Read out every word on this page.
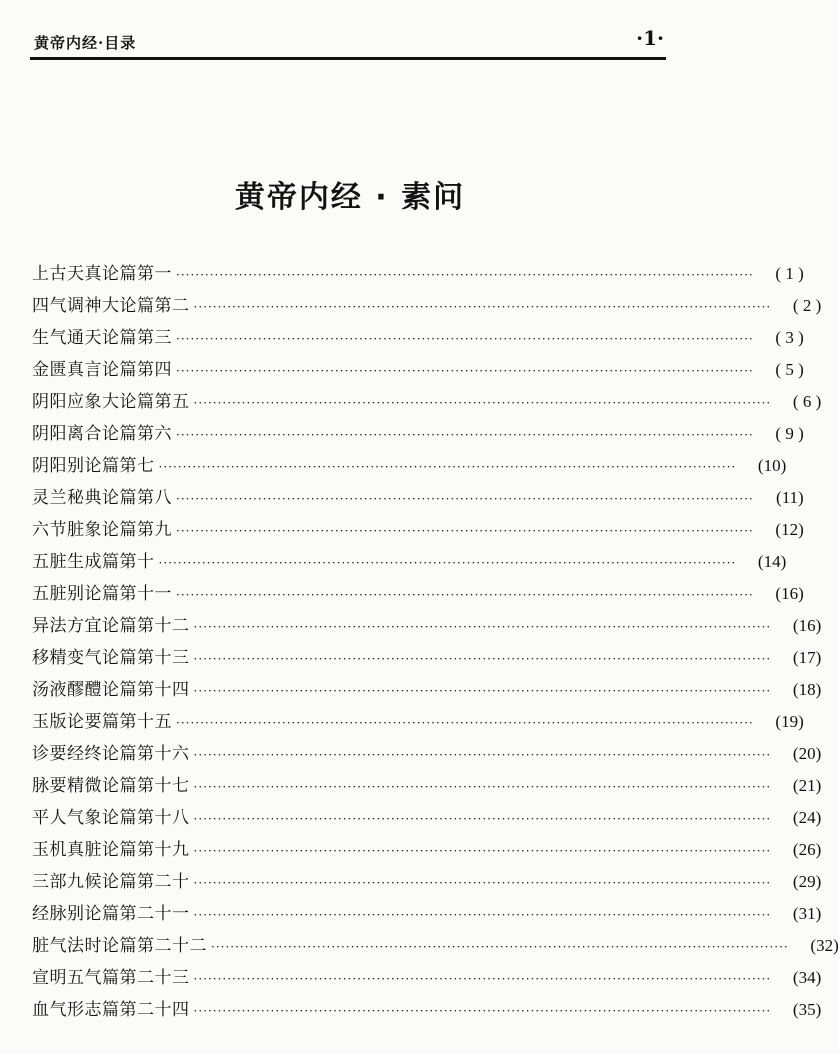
黄帝内经·目录	·1·
黄帝内经 · 素问
上古天真论篇第一 ························································································································	( 1 )
四气调神大论篇第二 ························································································································	( 2 )
生气通天论篇第三 ························································································································	( 3 )
金匮真言论篇第四 ························································································································	( 5 )
阴阳应象大论篇第五 ························································································································	( 6 )
阴阳离合论篇第六 ························································································································	( 9 )
阴阳别论篇第七 ························································································································	(10)
灵兰秘典论篇第八 ························································································································	(11)
六节脏象论篇第九 ························································································································	(12)
五脏生成篇第十 ························································································································	(14)
五脏别论篇第十一 ························································································································	(16)
异法方宜论篇第十二 ························································································································	(16)
移精变气论篇第十三 ························································································································	(17)
汤液醪醴论篇第十四 ························································································································	(18)
玉版论要篇第十五 ························································································································	(19)
诊要经终论篇第十六 ························································································································	(20)
脉要精微论篇第十七 ························································································································	(21)
平人气象论篇第十八 ························································································································	(24)
玉机真脏论篇第十九 ························································································································	(26)
三部九候论篇第二十 ························································································································	(29)
经脉别论篇第二十一 ························································································································	(31)
脏气法时论篇第二十二 ························································································································	(32)
宣明五气篇第二十三 ························································································································	(34)
血气形志篇第二十四 ························································································································	(35)
